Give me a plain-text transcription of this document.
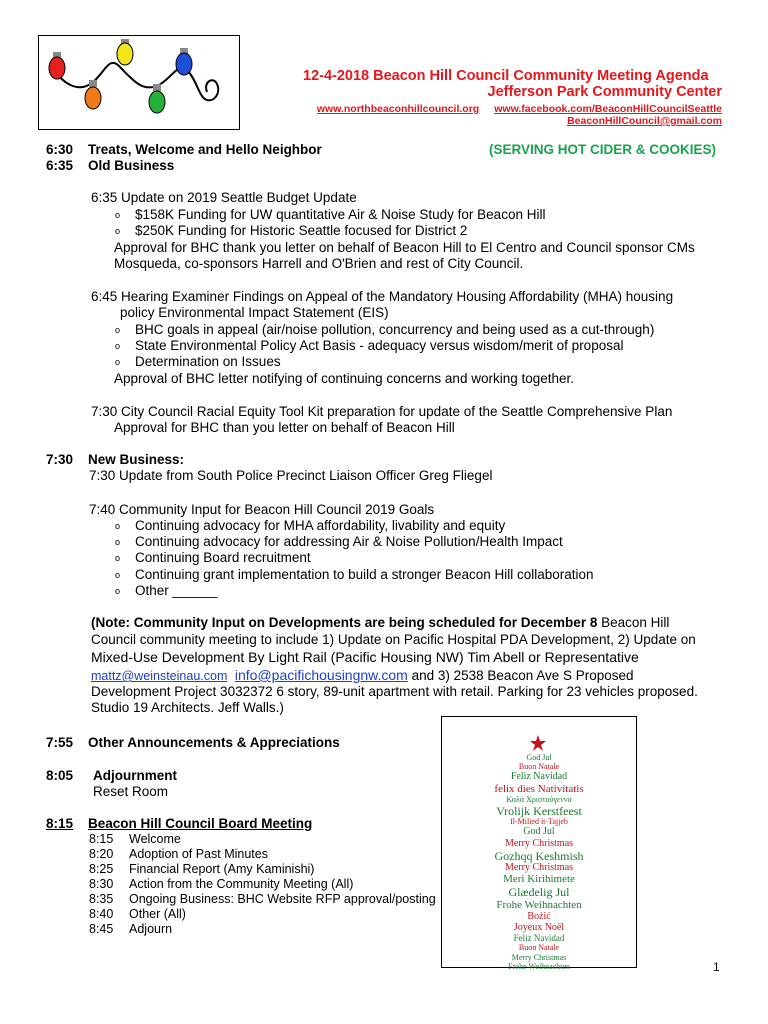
12-4-2018 Beacon Hill Council Community Meeting Agenda
Jefferson Park Community Center
www.northbeaconhillcouncil.org www.facebook.com/BeaconHillCouncilSeattle
BeaconHillCouncil@gmail.com
6:30 Treats, Welcome and Hello Neighbor	(SERVING HOT CIDER & COOKIES)
6:35 Old Business
6:35 Update on 2019 Seattle Budget Update
o $158K Funding for UW quantitative Air & Noise Study for Beacon Hill
o $250K Funding for Historic Seattle focused for District 2
Approval for BHC thank you letter on behalf of Beacon Hill to El Centro and Council sponsor CMs
Mosqueda, co-sponsors Harrell and O'Brien and rest of City Council.
6:45 Hearing Examiner Findings on Appeal of the Mandatory Housing Affordability (MHA) housing
policy Environmental Impact Statement (EIS)
o BHC goals in appeal (air/noise pollution, concurrency and being used as a cut-through)
o State Environmental Policy Act Basis - adequacy versus wisdom/merit of proposal
o Determination on Issues
Approval of BHC letter notifying of continuing concerns and working together.
7:30 City Council Racial Equity Tool Kit preparation for update of the Seattle Comprehensive Plan
Approval for BHC than you letter on behalf of Beacon Hill
7:30 New Business:
7:30 Update from South Police Precinct Liaison Officer Greg Fliegel
7:40 Community Input for Beacon Hill Council 2019 Goals
o Continuing advocacy for MHA affordability, livability and equity
o Continuing advocacy for addressing Air & Noise Pollution/Health Impact
o Continuing Board recruitment
o Continuing grant implementation to build a stronger Beacon Hill collaboration
o Other ______
(Note: Community Input on Developments are being scheduled for December 8 Beacon Hill
Council community meeting to include 1) Update on Pacific Hospital PDA Development, 2) Update on
Mixed-Use Development By Light Rail (Pacific Housing NW) Tim Abell or Representative
mattz@weinsteinau.com info@pacifichousingnw.com and 3) 2538 Beacon Ave S Proposed
Development Project 3032372 6 story, 89-unit apartment with retail. Parking for 23 vehicles proposed.
Studio 19 Architects. Jeff Walls.)
7:55 Other Announcements & Appreciations
8:05 Adjournment
Reset Room
8:15 Beacon Hill Council Board Meeting
8:15 Welcome
8:20 Adoption of Past Minutes
8:25 Financial Report (Amy Kaminishi)
8:30 Action from the Community Meeting (All)
8:35 Ongoing Business: BHC Website RFP approval/posting
8:40 Other (All)
8:45 Adjourn
God Jul
Buon Natale
Feliz Navidad
felix dies Nativitatis
Καλά Χριστούγεννα
Vrolijk Kerstfeest
Il-Milied it-Tajjeb
God Jul
Merry Christmas
Gozhqq Keshmish
Merry Christmas
Meri Kirihimete
Glædelig Jul
Frohe Weihnachten
Bożić
Joyeux Noël
Feliz Navidad
Buon Natale
Merry Christmas
Frohe Weihnachten	1
